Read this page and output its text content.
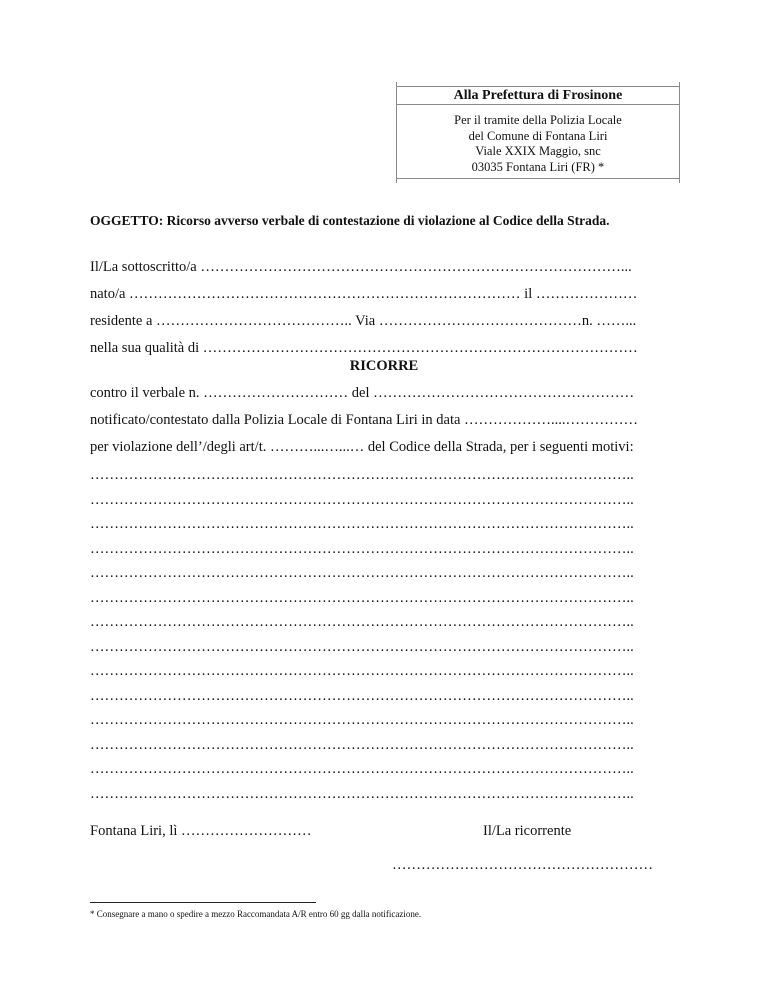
Alla Prefettura di Frosinone
Per il tramite della Polizia Locale
del Comune di Fontana Liri
Viale XXIX Maggio, snc
03035 Fontana Liri (FR) *
OGGETTO: Ricorso avverso verbale di contestazione di violazione al Codice della Strada.
Il/La sottoscritto/a ……………………………………………………………………………...
nato/a ……………………………………………………………………… il …………………
residente a ………………………………….. Via ……………………………………n. ……...
nella sua qualità di ………………………………………………………………………………
RICORRE
contro il verbale n. ………………………… del ………………………………………………
notificato/contestato dalla Polizia Locale di Fontana Liri in data ………………....……………
per violazione dell’/degli art/t. ………...…...… del Codice della Strada, per i seguenti motivi:
…………………………………………………………………………………………………..
…………………………………………………………………………………………………..
…………………………………………………………………………………………………..
…………………………………………………………………………………………………..
…………………………………………………………………………………………………..
…………………………………………………………………………………………………..
…………………………………………………………………………………………………..
…………………………………………………………………………………………………..
…………………………………………………………………………………………………..
…………………………………………………………………………………………………..
…………………………………………………………………………………………………..
…………………………………………………………………………………………………..
…………………………………………………………………………………………………..
…………………………………………………………………………………………………..
Fontana Liri, lì ………………………	Il/La ricorrente
………………………………………………
* Consegnare a mano o spedire a mezzo Raccomandata A/R entro 60 gg dalla notificazione.
